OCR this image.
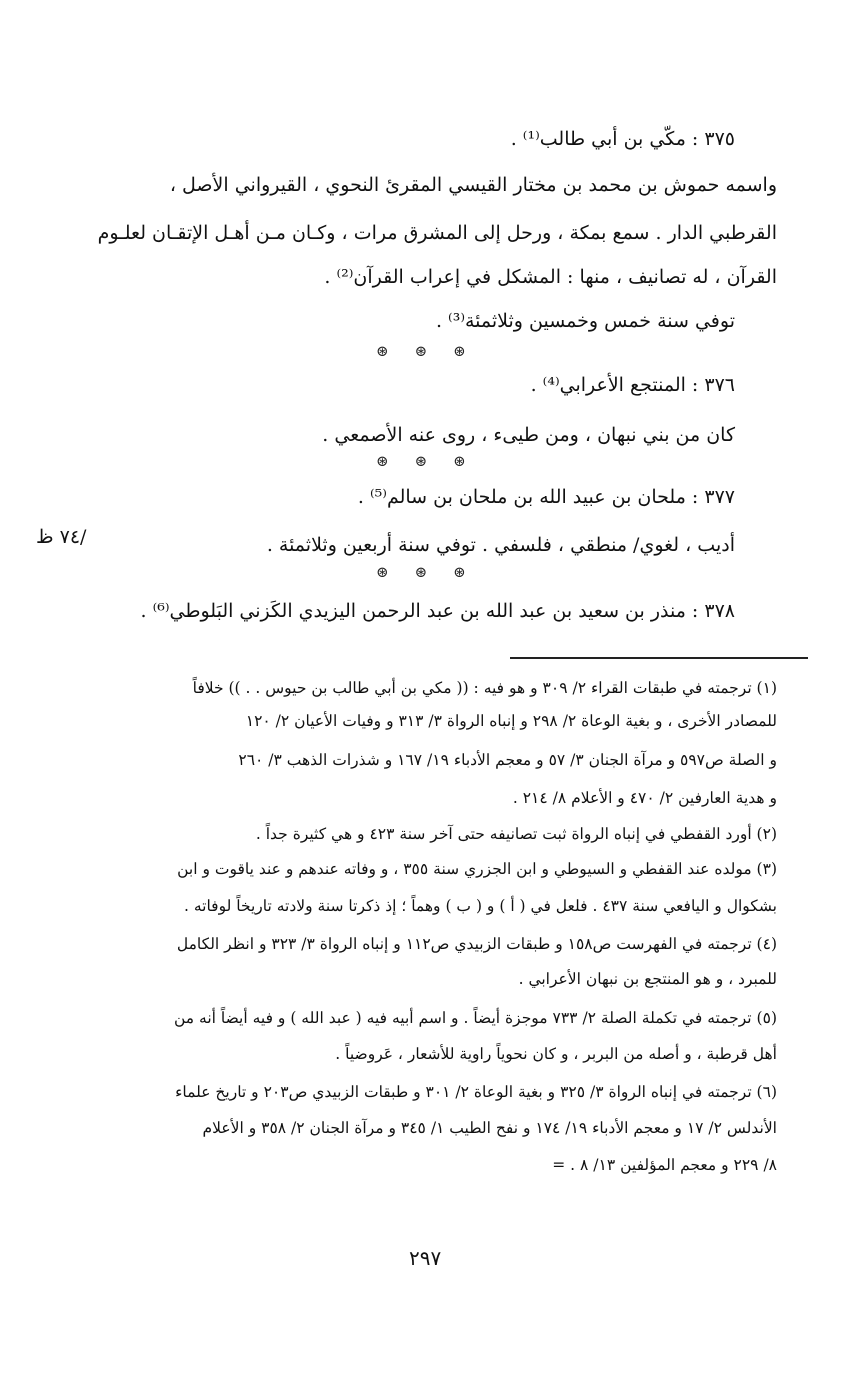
٣٧٥ : مكّي بن أبي طالب⁽¹⁾ .
واسمه حموش بن محمد بن مختار القيسي المقرئ النحوي ، القيرواني الأصل ،
القرطبي الدار . سمع بمكة ، ورحل إلى المشرق مرات ، وكـان مـن أهـل الإتقـان لعلـوم
القرآن ، له تصانيف ، منها : المشكل في إعراب القرآن⁽²⁾ .
توفي سنة خمس وخمسين وثلاثمئة⁽³⁾ .
⊛ ⊛ ⊛
٣٧٦ : المنتجع الأعرابي⁽⁴⁾ .
كان من بني نبهان ، ومن طيىء ، روى عنه الأصمعي .
⊛ ⊛ ⊛
٣٧٧ : ملحان بن عبيد الله بن ملحان بن سالم⁽⁵⁾ .
أديب ، لغوي/ منطقي ، فلسفي . توفي سنة أربعين وثلاثمئة .
/٧٤ ظ
⊛ ⊛ ⊛
٣٧٨ : منذر بن سعيد بن عبد الله بن عبد الرحمن اليزيدي الكَزني البَلوطي⁽⁶⁾ .
(١) ترجمته في طبقات القراء ٢/ ٣٠٩ و هو فيه : (( مكي بن أبي طالب بن حيوس . . )) خلافاً
للمصادر الأخرى ، و بغية الوعاة ٢/ ٢٩٨ و إنباه الرواة ٣/ ٣١٣ و وفيات الأعيان ٢/ ١٢٠
و الصلة ص٥٩٧ و مرآة الجنان ٣/ ٥٧ و معجم الأدباء ١٩/ ١٦٧ و شذرات الذهب ٣/ ٢٦٠
و هدية العارفين ٢/ ٤٧٠ و الأعلام ٨/ ٢١٤ .
(٢) أورد القفطي في إنباه الرواة ثبت تصانيفه حتى آخر سنة ٤٢٣ و هي كثيرة جداً .
(٣) مولده عند القفطي و السيوطي و ابن الجزري سنة ٣٥٥ ، و وفاته عندهم و عند ياقوت و ابن
بشكوال و اليافعي سنة ٤٣٧ . فلعل في ( أ ) و ( ب ) وهماً ؛ إذ ذكرتا سنة ولادته تاريخاً لوفاته .
(٤) ترجمته في الفهرست ص١٥٨ و طبقات الزبيدي ص١١٢ و إنباه الرواة ٣/ ٣٢٣ و انظر الكامل
للمبرد ، و هو المنتجع بن نبهان الأعرابي .
(٥) ترجمته في تكملة الصلة ٢/ ٧٣٣ موجزة أيضاً . و اسم أبيه فيه ( عبد الله ) و فيه أيضاً أنه من
أهل قرطبة ، و أصله من البربر ، و كان نحوياً راوية للأشعار ، عَروضياً .
(٦) ترجمته في إنباه الرواة ٣/ ٣٢٥ و بغية الوعاة ٢/ ٣٠١ و طبقات الزبيدي ص٢٠٣ و تاريخ علماء
الأندلس ٢/ ١٧ و معجم الأدباء ١٩/ ١٧٤ و نفح الطيب ١/ ٣٤٥ و مرآة الجنان ٢/ ٣٥٨ و الأعلام
٨/ ٢٢٩ و معجم المؤلفين ١٣/ ٨ . =
٢٩٧
